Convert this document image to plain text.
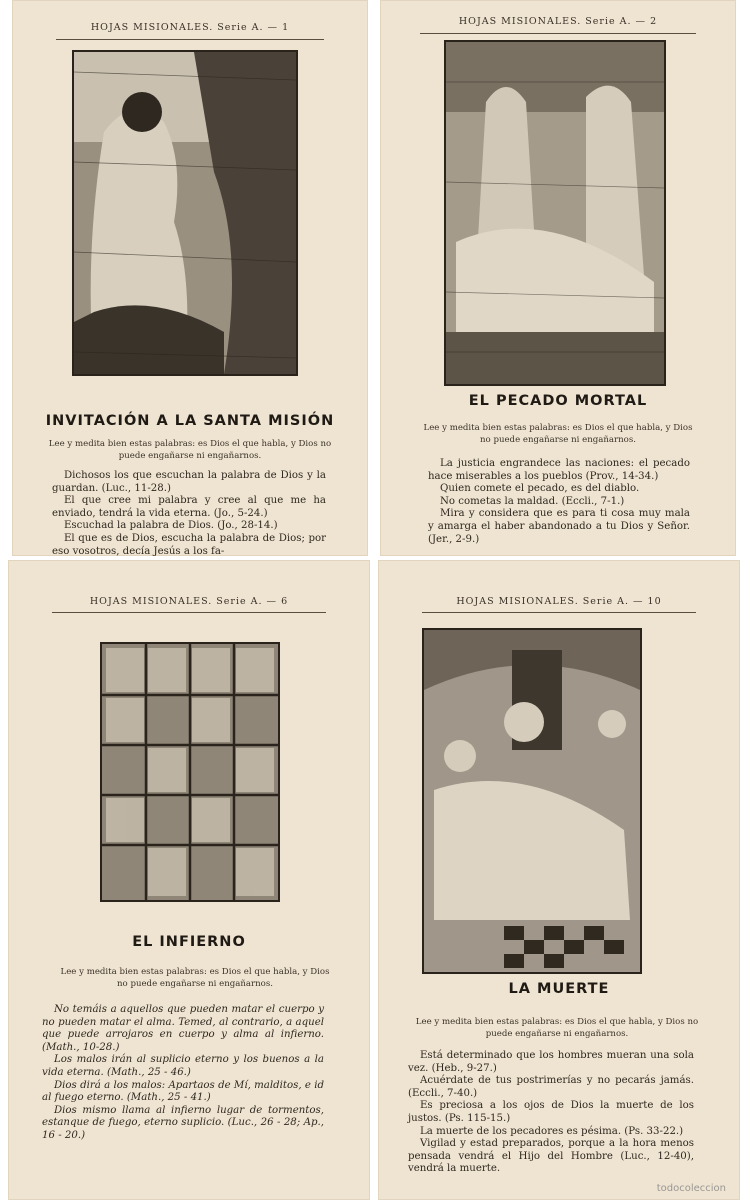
HOJAS MISIONALES. Serie A. — 1
INVITACIÓN A LA SANTA MISIÓN
Lee y medita bien estas palabras: es Dios el que habla, y Dios no puede engañarse ni engañarnos.

Dichosos los que escuchan la palabra de Dios y la guardan. (Luc., 11-28.)

El que cree mi palabra y cree al que me ha enviado, tendrá la vida eterna. (Jo., 5-24.)

Escuchad la palabra de Dios. (Jo., 28-14.)

El que es de Dios, escucha la palabra de Dios; por eso vosotros, decía Jesús a los fa-

HOJAS MISIONALES. Serie A. — 2
EL PECADO MORTAL
Lee y medita bien estas palabras: es Dios el que habla, y Dios no puede engañarse ni engañarnos.

La justicia engrandece las naciones: el pecado hace miserables a los pueblos (Prov., 14-34.)

Quien comete el pecado, es del diablo.

No cometas la maldad. (Eccli., 7-1.)

Mira y considera que es para ti cosa muy mala y amarga el haber abandonado a tu Dios y Señor. (Jer., 2-9.)

HOJAS MISIONALES. Serie A. — 6
EL INFIERNO
Lee y medita bien estas palabras: es Dios el que habla, y Dios no puede engañarse ni engañarnos.

No temáis a aquellos que pueden matar el cuerpo y no pueden matar el alma. Temed, al contrario, a aquel que puede arrojaros en cuerpo y alma al infierno. (Math., 10-28.)

Los malos irán al suplicio eterno y los buenos a la vida eterna. (Math., 25 - 46.)

Dios dirá a los malos: Apartaos de Mí, malditos, e id al fuego eterno. (Math., 25 - 41.)

Dios mismo llama al infierno lugar de tormentos, estanque de fuego, eterno suplicio. (Luc., 26 - 28; Ap., 16 - 20.)

HOJAS MISIONALES. Serie A. — 10
LA MUERTE
Lee y medita bien estas palabras: es Dios el que habla, y Dios no puede engañarse ni engañarnos.

Está determinado que los hombres mueran una sola vez. (Heb., 9-27.)

Acuérdate de tus postrimerías y no pecarás jamás. (Eccli., 7-40.)

Es preciosa a los ojos de Dios la muerte de los justos. (Ps. 115-15.)

La muerte de los pecadores es pésima. (Ps. 33-22.)

Vigilad y estad preparados, porque a la hora menos pensada vendrá el Hijo del Hombre (Luc., 12-40), vendrá la muerte.

todocoleccion
